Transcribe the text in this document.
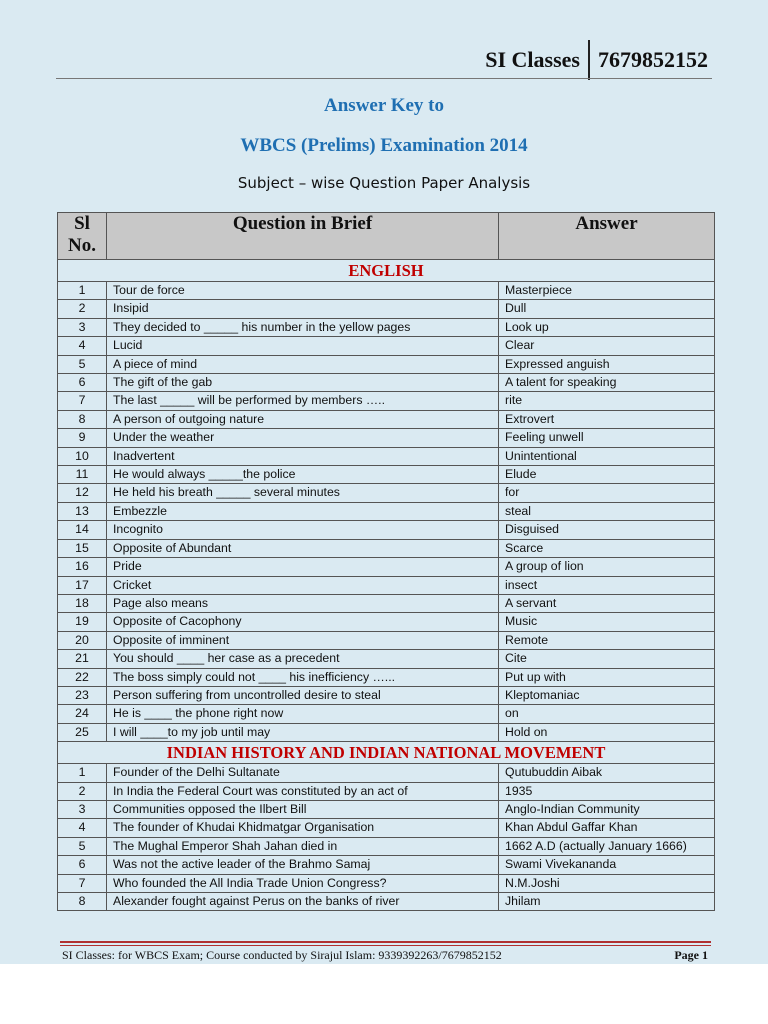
SI Classes 7679852152
Answer Key to
WBCS (Prelims) Examination 2014
Subject – wise Question Paper Analysis
Sl No.	Question in Brief	Answer
ENGLISH		
1	Tour de force	Masterpiece
2	Insipid	Dull
3	They decided to _____ his number in the yellow pages	Look up
4	Lucid	Clear
5	A piece of mind	Expressed anguish
6	The gift of the gab	A talent for speaking
7	The last _____ will be performed by members …..	rite
8	A person of outgoing nature	Extrovert
9	Under the weather	Feeling unwell
10	Inadvertent	Unintentional
11	He would always _____the police	Elude
12	He held his breath _____ several minutes	for
13	Embezzle	steal
14	Incognito	Disguised
15	Opposite of Abundant	Scarce
16	Pride	A group of lion
17	Cricket	insect
18	Page also means	A servant
19	Opposite of Cacophony	Music
20	Opposite of imminent	Remote
21	You should ____ her case as a precedent	Cite
22	The boss simply could not ____ his inefficiency …...	Put up with
23	Person suffering from uncontrolled desire to steal	Kleptomaniac
24	He is ____ the phone right now	on
25	I will ____to my job until may	Hold on
INDIAN HISTORY AND INDIAN NATIONAL MOVEMENT		
1	Founder of the Delhi Sultanate	Qutubuddin Aibak
2	In India the Federal Court was constituted by an act of	1935
3	Communities opposed the Ilbert Bill	Anglo-Indian Community
4	The founder of Khudai Khidmatgar Organisation	Khan Abdul Gaffar Khan
5	The Mughal Emperor Shah Jahan died in	1662 A.D (actually January 1666)
6	Was not the active leader of the Brahmo Samaj	Swami Vivekananda
7	Who founded the All India Trade Union Congress?	N.M.Joshi
8	Alexander fought against Perus on the banks of river	Jhilam
SI Classes: for WBCS Exam; Course conducted by Sirajul Islam: 9339392263/7679852152	Page 1
